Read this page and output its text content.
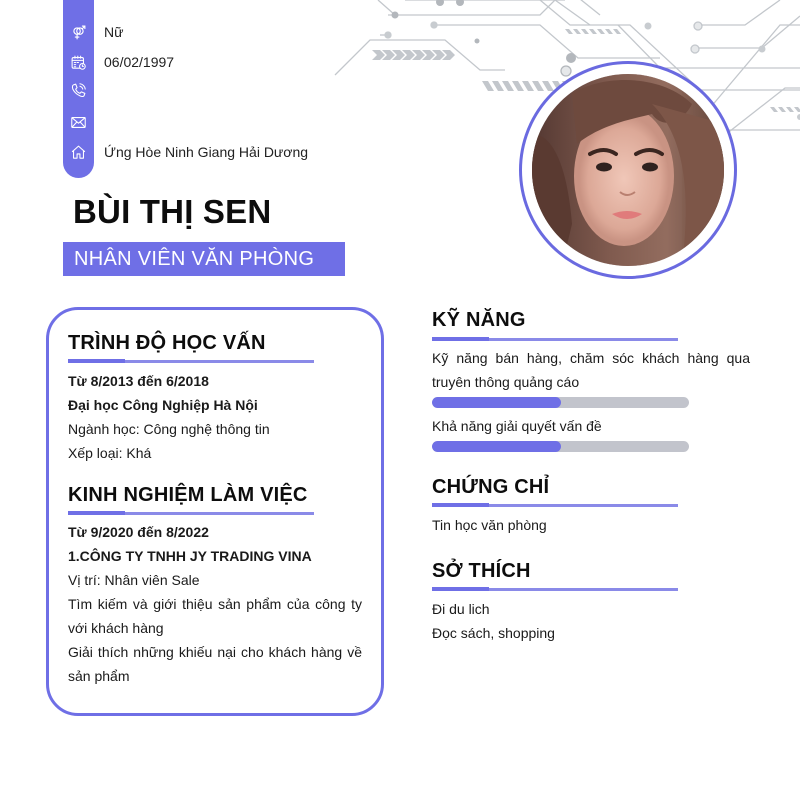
Nữ
06/02/1997
Ứng Hòe Ninh Giang Hải Dương
BÙI THỊ SEN
NHÂN VIÊN VĂN PHÒNG
TRÌNH ĐỘ HỌC VẤN
Từ 8/2013 đến 6/2018
Đại học Công Nghiệp Hà Nội
Ngành học: Công nghệ thông tin
Xếp loại: Khá
KINH NGHIỆM LÀM VIỆC
Từ 9/2020 đến 8/2022
1.CÔNG TY TNHH JY TRADING VINA
Vị trí: Nhân viên Sale
Tìm kiếm và giới thiệu sản phẩm của công ty với khách hàng
Giải thích những khiếu nại cho khách hàng về sản phẩm
KỸ NĂNG
Kỹ năng bán hàng, chăm sóc khách hàng qua truyên thông quảng cáo
Khả năng giải quyết vấn đề
CHỨNG CHỈ
Tin học văn phòng
SỞ THÍCH
Đi du lich
Đọc sách, shopping
